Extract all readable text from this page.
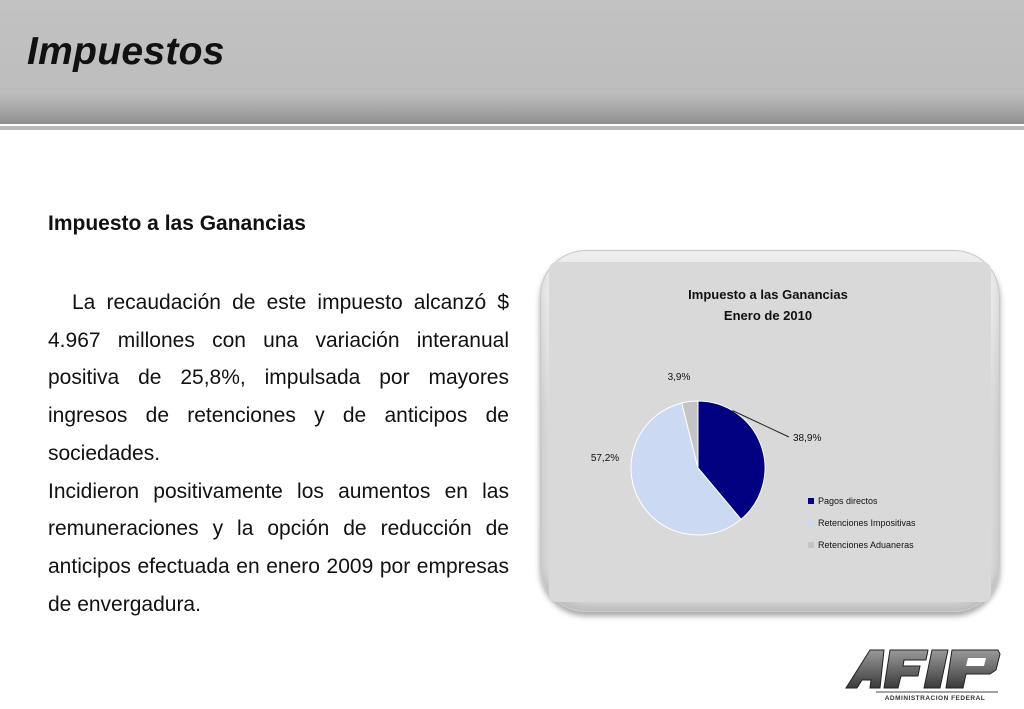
Impuestos
Impuesto a las Ganancias

La recaudación de este impuesto alcanzó $ 4.967 millones con una variación interanual positiva de 25,8%, impulsada por mayores ingresos de retenciones y de anticipos de sociedades.

Incidieron positivamente los aumentos en las remuneraciones y la opción de reducción de anticipos efectuada en enero 2009 por empresas de envergadura.

Impuesto a las Ganancias
Enero de 2010
38,9%
57,2%
3,9%
Pagos directos
Retenciones Impositivas
Retenciones Aduaneras
ADMINISTRACION FEDERAL
